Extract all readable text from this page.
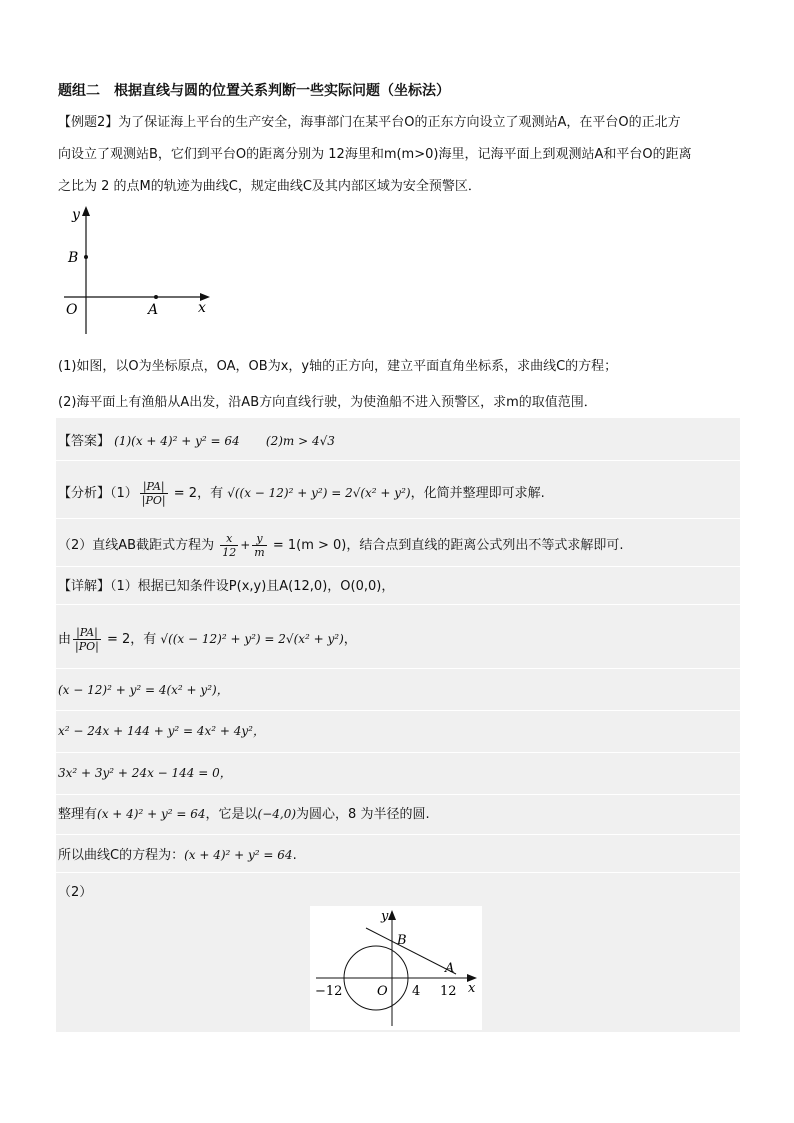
题组二　根据直线与圆的位置关系判断一些实际问题（坐标法）
【例题2】为了保证海上平台的生产安全，海事部门在某平台O的正东方向设立了观测站A，在平台O的正北方
向设立了观测站B，它们到平台O的距离分别为 12海里和m(m>0)海里，记海平面上到观测站A和平台O的距离
之比为 2 的点M的轨迹为曲线C，规定曲线C及其内部区域为安全预警区．
y
B
O	A	x
(1)如图，以O为坐标原点，OA，OB为x，y轴的正方向，建立平面直角坐标系，求曲线C的方程；
(2)海平面上有渔船从A出发，沿AB方向直线行驶，为使渔船不进入预警区，求m的取值范围．
【答案】 (1)(x + 4)² + y² = 64 (2)m > 4√3
【分析】$(1) \frac{|PA|}{|PO|} = 2$，有 √((x − 12)² + y²) = 2√(x² + y²)，化简并整理即可求解.
（2）直线AB截距式方程为 $\frac{x}{12} + \frac{y}{m} = 1(m > 0)$，结合点到直线的距离公式列出不等式求解即可.
【详解】（1）根据已知条件设P(x,y)且A(12,0)，O(0,0)，
由 $\frac{|PA|}{|PO|} = 2$，有 √((x − 12)² + y²) = 2√(x² + y²)，
(x − 12)² + y² = 4(x² + y²)，
x² − 24x + 144 + y² = 4x² + 4y²，
3x² + 3y² + 24x − 144 = 0，
整理有(x + 4)² + y² = 64，它是以(−4,0)为圆心，8 为半径的圆.
所以曲线C的方程为：(x + 4)² + y² = 64.
（2）
y
B
A
−12	O 4 12 x
